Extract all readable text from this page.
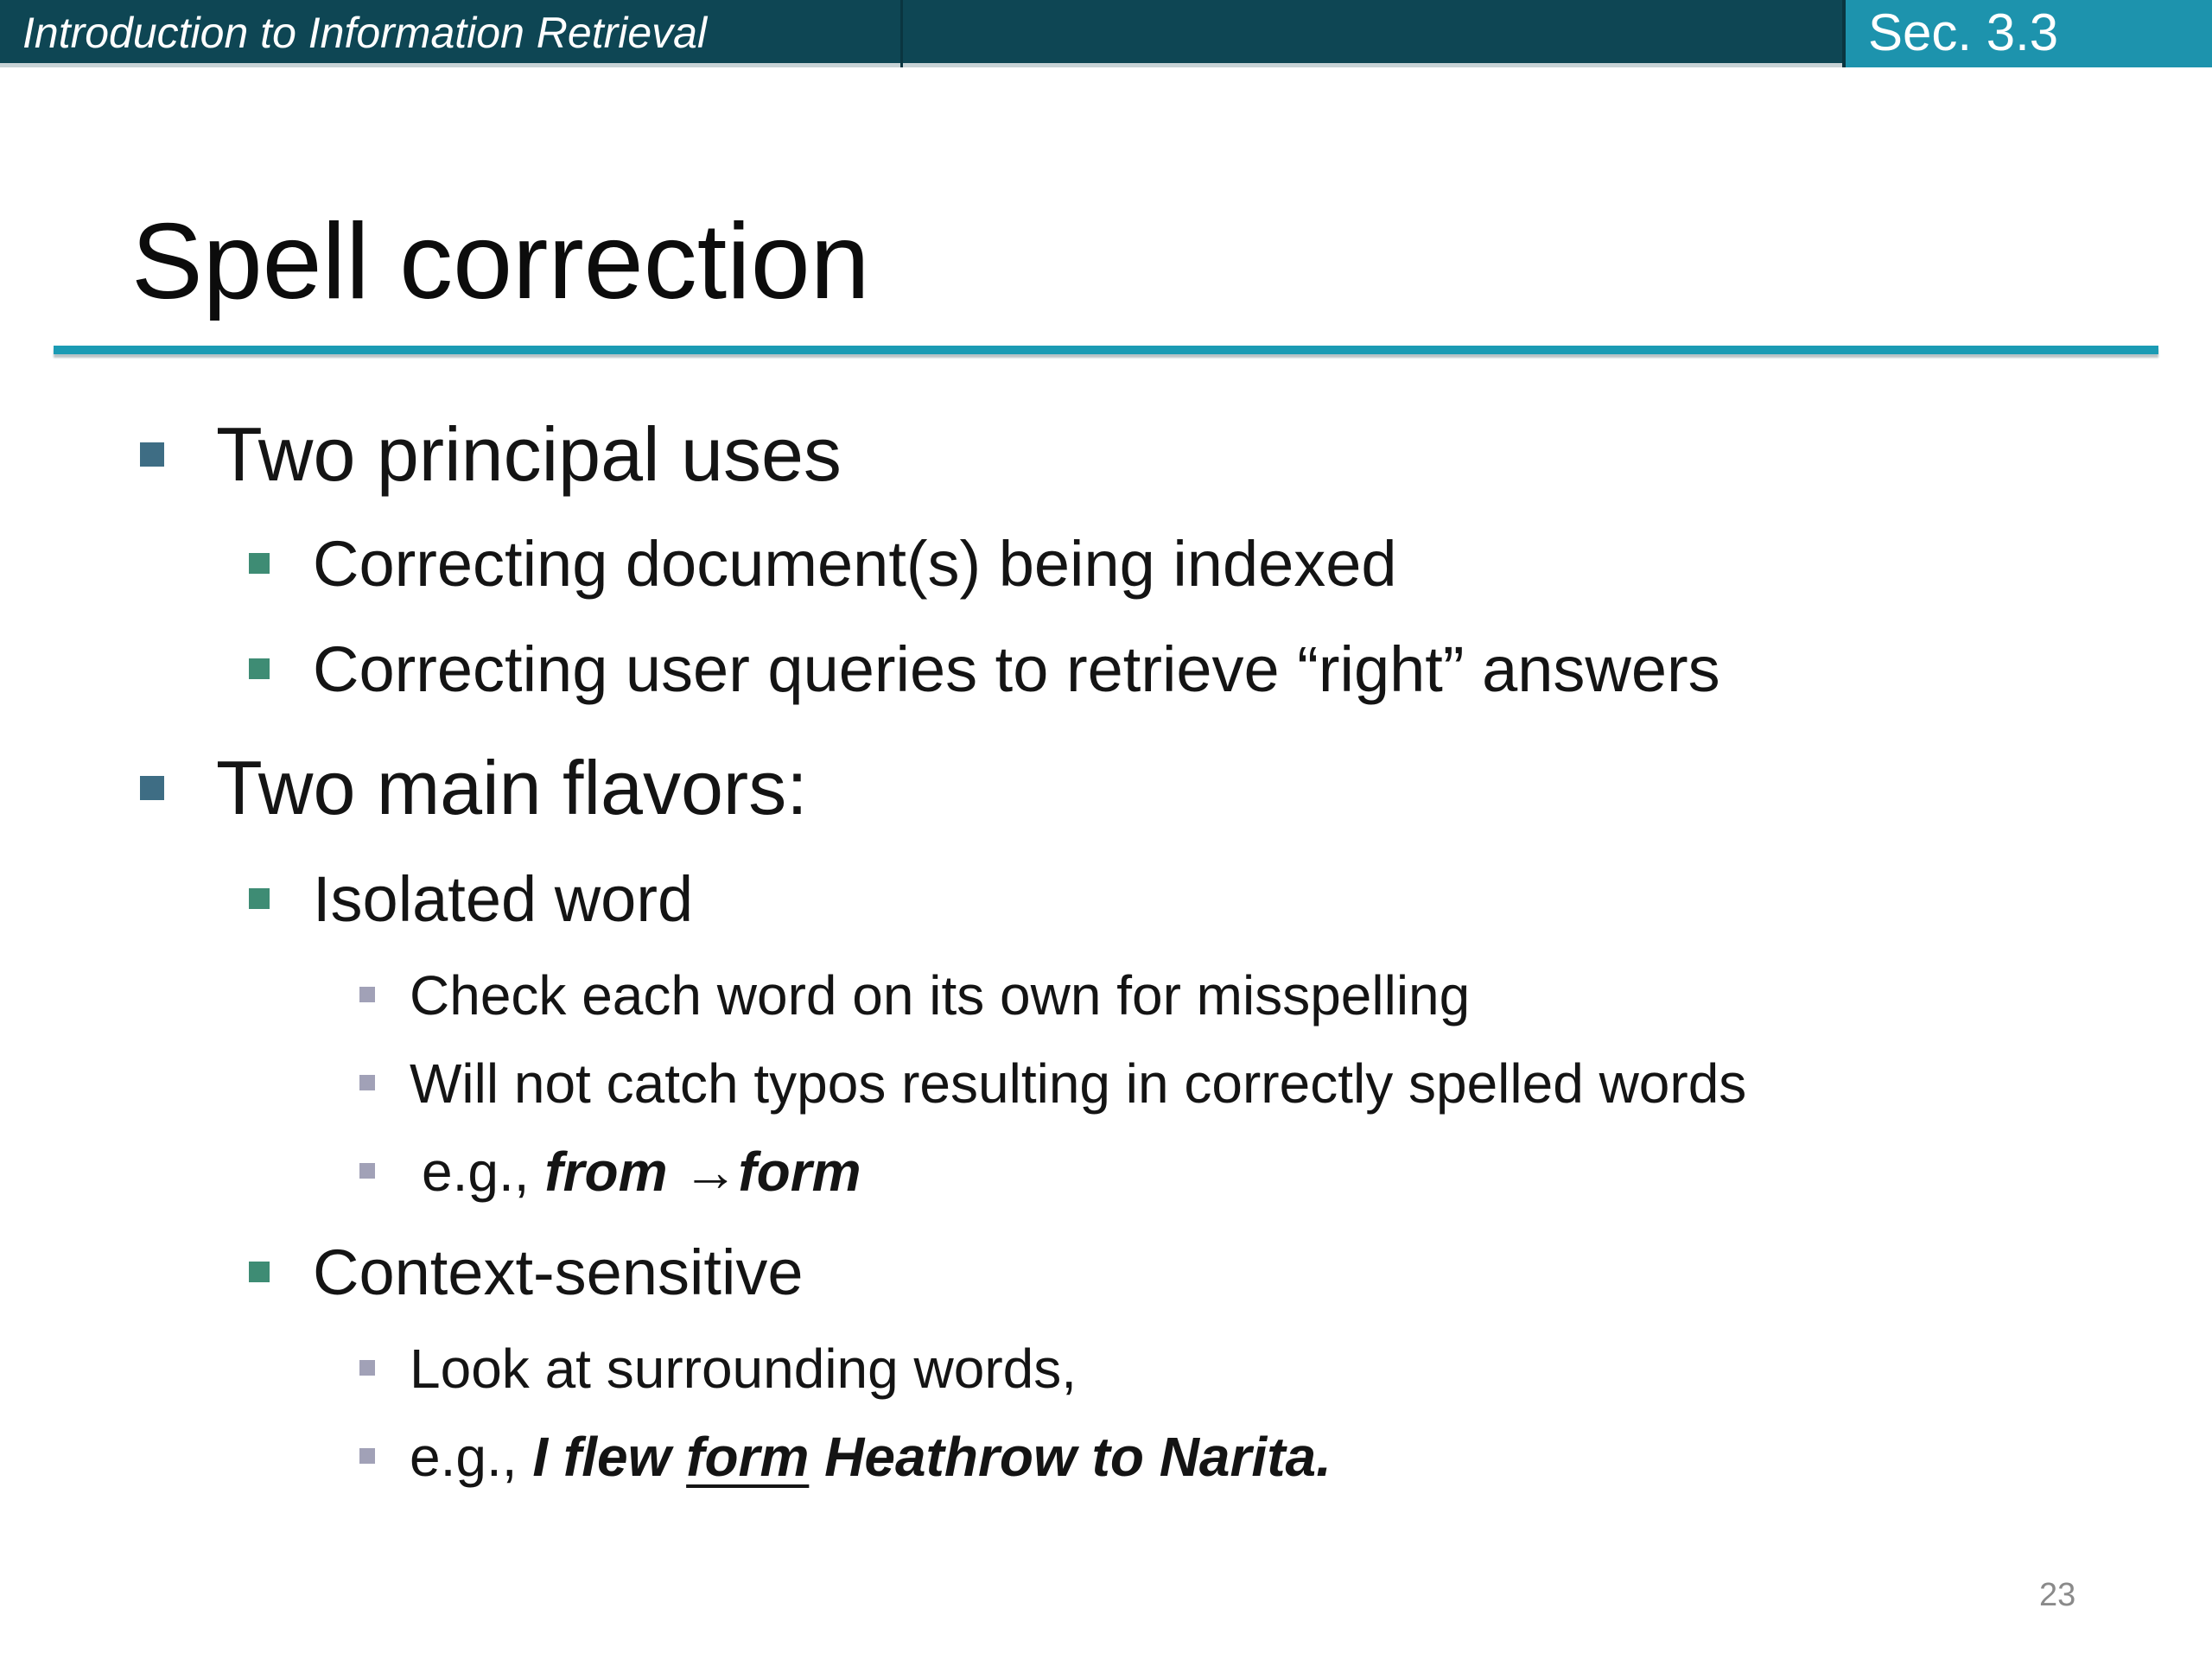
Introduction to Information Retrieval	Sec. 3.3
Spell correction
Two principal uses
Correcting document(s) being indexed
Correcting user queries to retrieve “right” answers
Two main flavors:
Isolated word
Check each word on its own for misspelling
Will not catch typos resulting in correctly spelled words
e.g., from →form
Context-sensitive
Look at surrounding words,
e.g., I flew form Heathrow to Narita.
23
